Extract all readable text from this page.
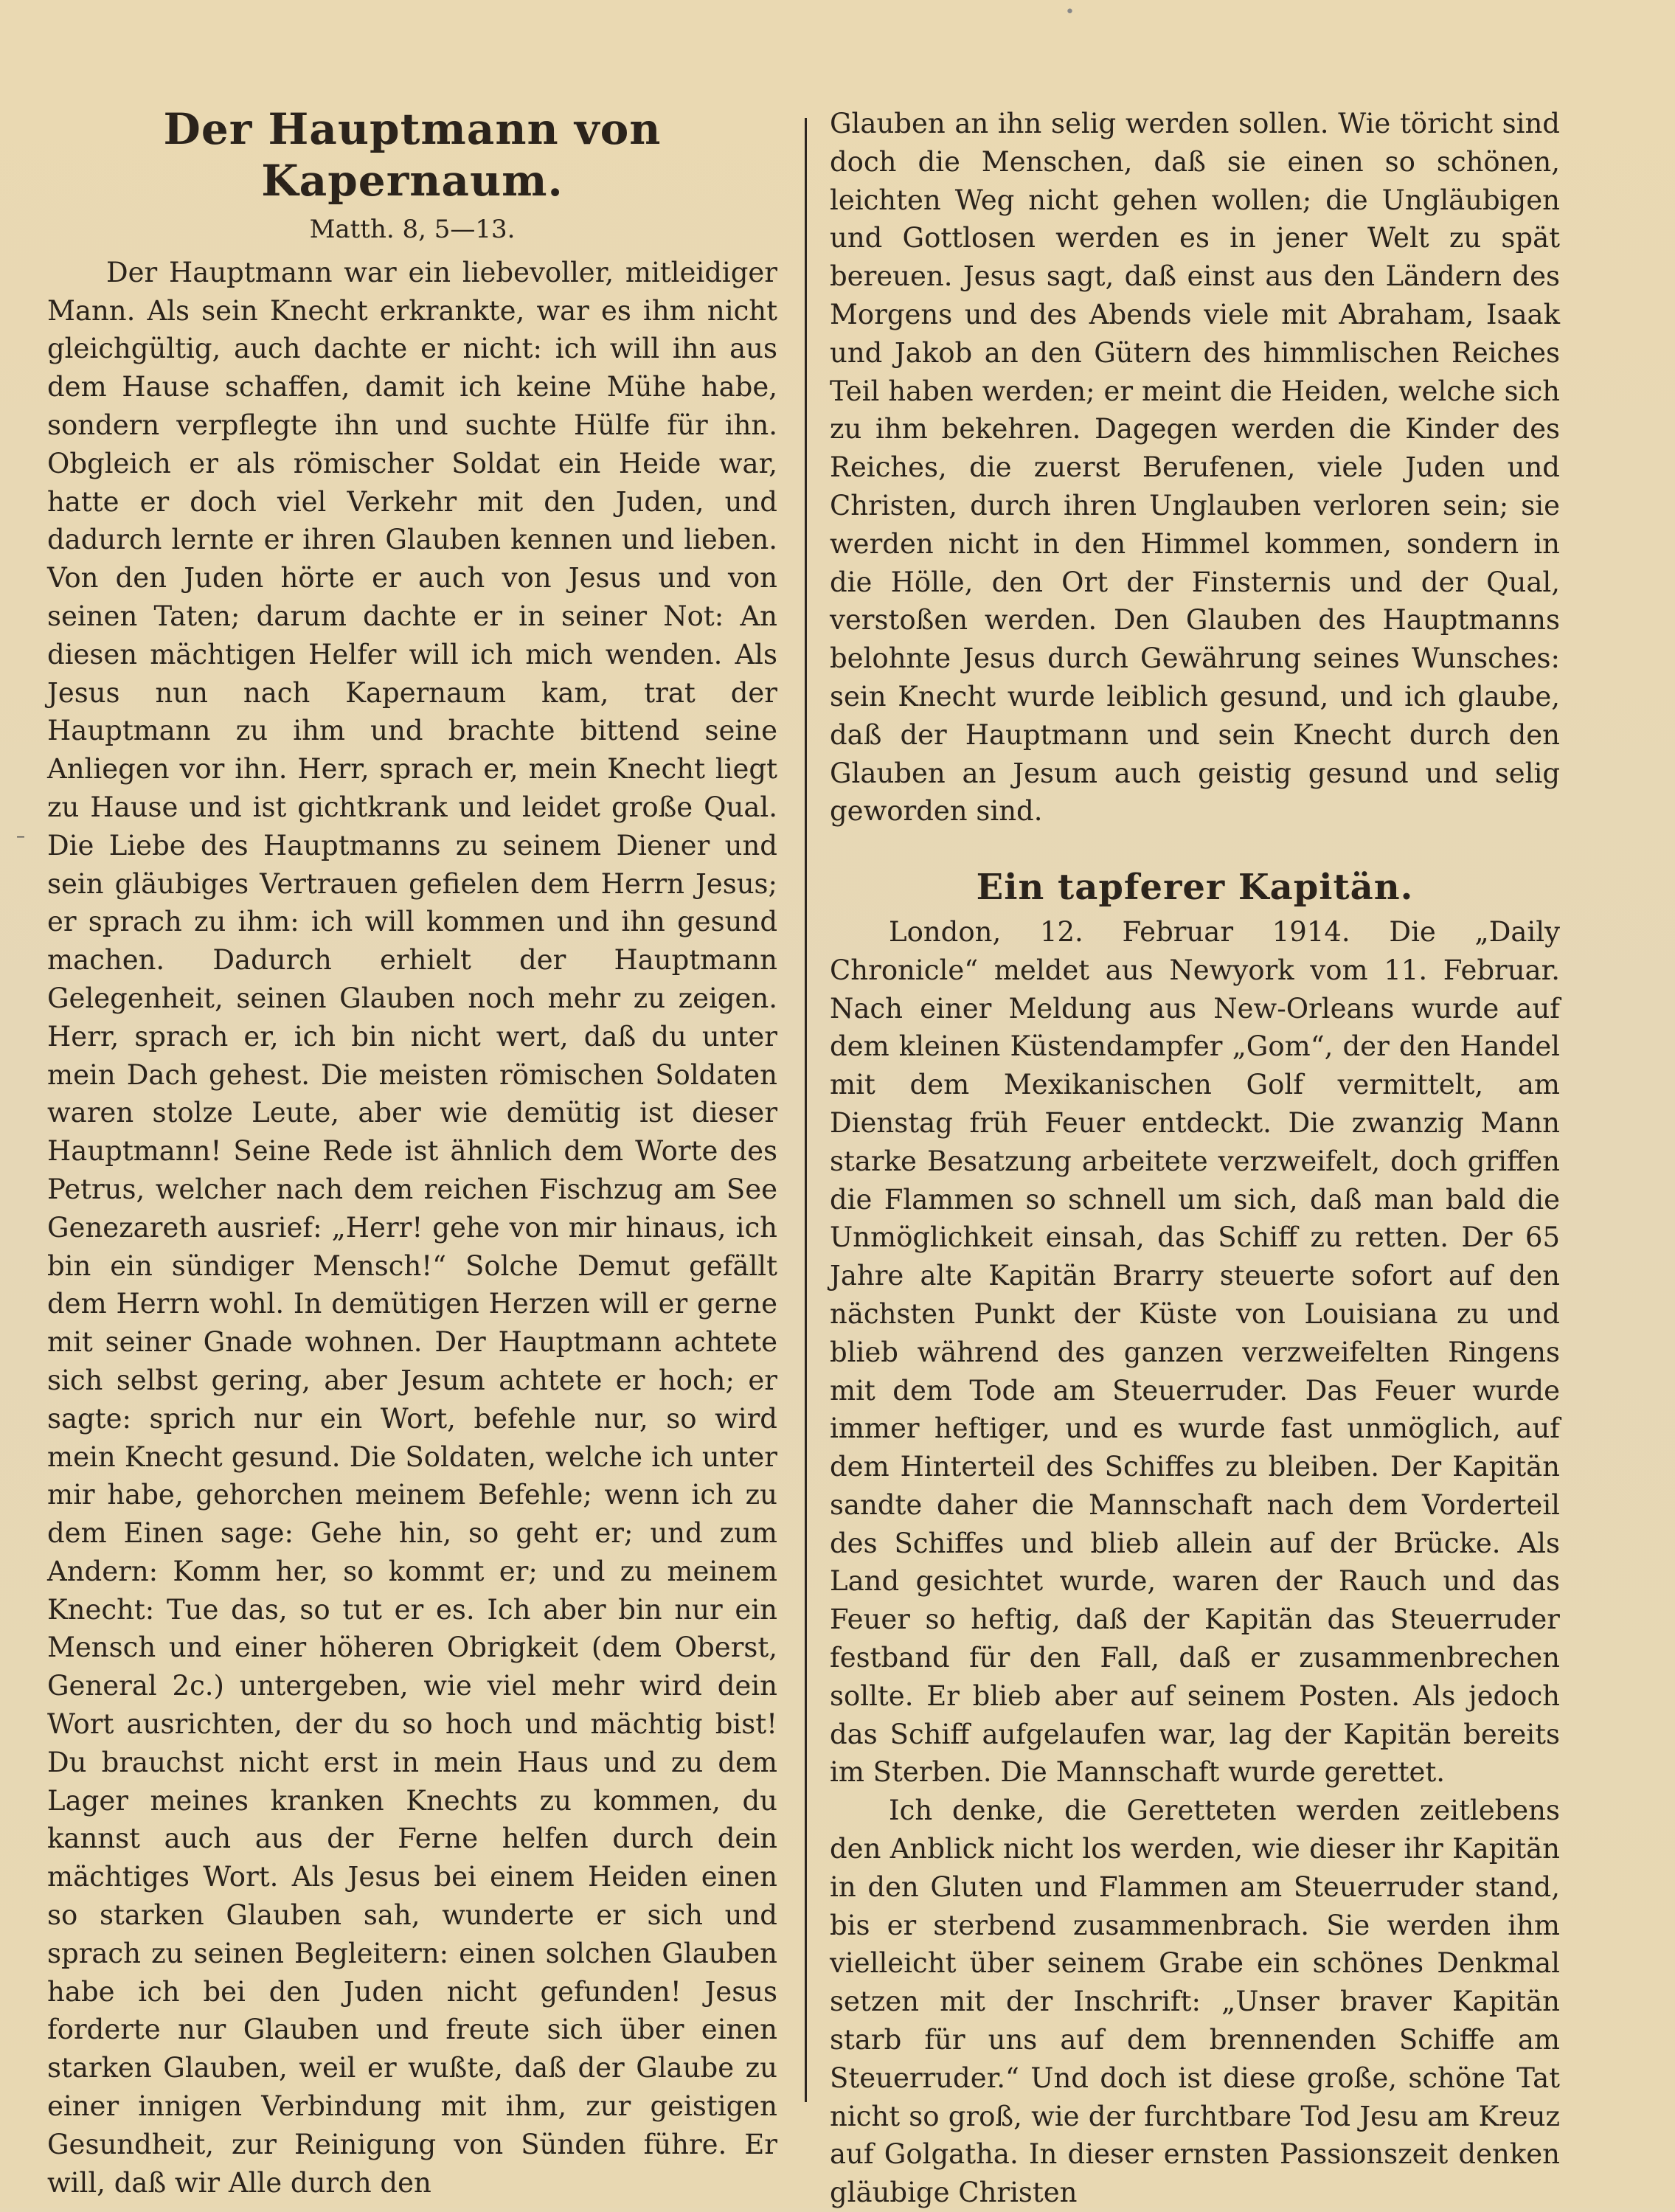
•
–
Der Hauptmann von Kapernaum.
Matth. 8, 5—13.

Der Hauptmann war ein liebevoller, mitleidiger Mann. Als sein Knecht erkrankte, war es ihm nicht gleichgültig, auch dachte er nicht: ich will ihn aus dem Hause schaffen, damit ich keine Mühe habe, sondern verpflegte ihn und suchte Hülfe für ihn. Obgleich er als römischer Soldat ein Heide war, hatte er doch viel Verkehr mit den Juden, und dadurch lernte er ihren Glauben kennen und lieben. Von den Juden hörte er auch von Jesus und von seinen Taten; darum dachte er in seiner Not: An diesen mächtigen Helfer will ich mich wenden. Als Jesus nun nach Kapernaum kam, trat der Hauptmann zu ihm und brachte bittend seine Anliegen vor ihn. Herr, sprach er, mein Knecht liegt zu Hause und ist gichtkrank und leidet große Qual. Die Liebe des Hauptmanns zu seinem Diener und sein gläubiges Vertrauen gefielen dem Herrn Jesus; er sprach zu ihm: ich will kommen und ihn gesund machen. Dadurch erhielt der Hauptmann Gelegenheit, seinen Glauben noch mehr zu zeigen. Herr, sprach er, ich bin nicht wert, daß du unter mein Dach gehest. Die meisten römischen Soldaten waren stolze Leute, aber wie demütig ist dieser Hauptmann! Seine Rede ist ähnlich dem Worte des Petrus, welcher nach dem reichen Fischzug am See Genezareth ausrief: „Herr! gehe von mir hinaus, ich bin ein sündiger Mensch!“ Solche Demut gefällt dem Herrn wohl. In demütigen Herzen will er gerne mit seiner Gnade wohnen. Der Hauptmann achtete sich selbst gering, aber Jesum achtete er hoch; er sagte: sprich nur ein Wort, befehle nur, so wird mein Knecht gesund. Die Soldaten, welche ich unter mir habe, gehorchen meinem Befehle; wenn ich zu dem Einen sage: Gehe hin, so geht er; und zum Andern: Komm her, so kommt er; und zu meinem Knecht: Tue das, so tut er es. Ich aber bin nur ein Mensch und einer höheren Obrigkeit (dem Oberst, General 2c.) untergeben, wie viel mehr wird dein Wort ausrichten, der du so hoch und mächtig bist! Du brauchst nicht erst in mein Haus und zu dem Lager meines kranken Knechts zu kommen, du kannst auch aus der Ferne helfen durch dein mächtiges Wort. Als Jesus bei einem Heiden einen so starken Glauben sah, wunderte er sich und sprach zu seinen Begleitern: einen solchen Glauben habe ich bei den Juden nicht gefunden! Jesus forderte nur Glauben und freute sich über einen starken Glauben, weil er wußte, daß der Glaube zu einer innigen Verbindung mit ihm, zur geistigen Gesundheit, zur Reinigung von Sünden führe. Er will, daß wir Alle durch den

Glauben an ihn selig werden sollen. Wie töricht sind doch die Menschen, daß sie einen so schönen, leichten Weg nicht gehen wollen; die Ungläubigen und Gottlosen werden es in jener Welt zu spät bereuen. Jesus sagt, daß einst aus den Ländern des Morgens und des Abends viele mit Abraham, Isaak und Jakob an den Gütern des himmlischen Reiches Teil haben werden; er meint die Heiden, welche sich zu ihm bekehren. Dagegen werden die Kinder des Reiches, die zuerst Berufenen, viele Juden und Christen, durch ihren Unglauben verloren sein; sie werden nicht in den Himmel kommen, sondern in die Hölle, den Ort der Finsternis und der Qual, verstoßen werden. Den Glauben des Hauptmanns belohnte Jesus durch Gewährung seines Wunsches: sein Knecht wurde leiblich gesund, und ich glaube, daß der Hauptmann und sein Knecht durch den Glauben an Jesum auch geistig gesund und selig geworden sind.

Ein tapferer Kapitän.

London, 12. Februar 1914. Die „Daily Chronicle“ meldet aus Newyork vom 11. Februar. Nach einer Meldung aus New-Orleans wurde auf dem kleinen Küstendampfer „Gom“, der den Handel mit dem Mexikanischen Golf vermittelt, am Dienstag früh Feuer entdeckt. Die zwanzig Mann starke Besatzung arbeitete verzweifelt, doch griffen die Flammen so schnell um sich, daß man bald die Unmöglichkeit einsah, das Schiff zu retten. Der 65 Jahre alte Kapitän Brarry steuerte sofort auf den nächsten Punkt der Küste von Louisiana zu und blieb während des ganzen verzweifelten Ringens mit dem Tode am Steuerruder. Das Feuer wurde immer heftiger, und es wurde fast unmöglich, auf dem Hinterteil des Schiffes zu bleiben. Der Kapitän sandte daher die Mannschaft nach dem Vorderteil des Schiffes und blieb allein auf der Brücke. Als Land gesichtet wurde, waren der Rauch und das Feuer so heftig, daß der Kapitän das Steuerruder festband für den Fall, daß er zusammenbrechen sollte. Er blieb aber auf seinem Posten. Als jedoch das Schiff aufgelaufen war, lag der Kapitän bereits im Sterben. Die Mannschaft wurde gerettet.

Ich denke, die Geretteten werden zeitlebens den Anblick nicht los werden, wie dieser ihr Kapitän in den Gluten und Flammen am Steuerruder stand, bis er sterbend zusammenbrach. Sie werden ihm vielleicht über seinem Grabe ein schönes Denkmal setzen mit der Inschrift: „Unser braver Kapitän starb für uns auf dem brennenden Schiffe am Steuerruder.“ Und doch ist diese große, schöne Tat nicht so groß, wie der furchtbare Tod Jesu am Kreuz auf Golgatha. In dieser ernsten Passionszeit denken gläubige Christen
